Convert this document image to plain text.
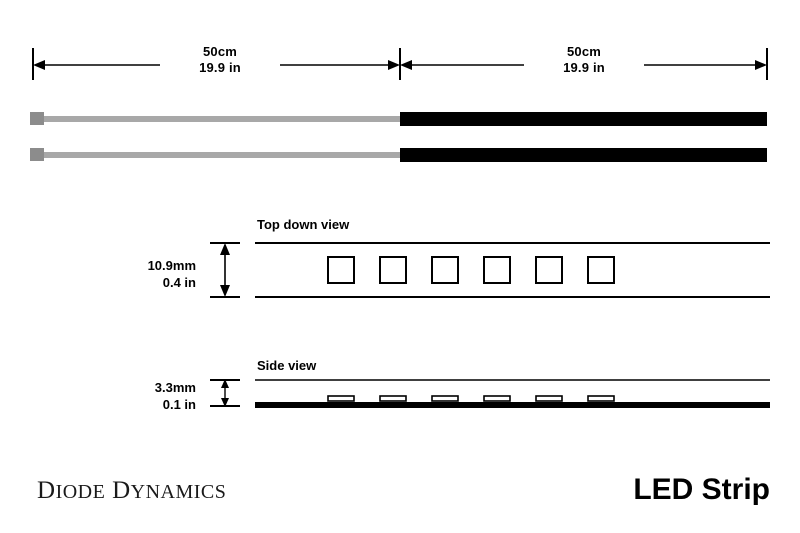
50cm
19.9 in
50cm
19.9 in
Top down view
10.9mm
0.4 in
Side view
3.3mm
0.1 in
DIODE DYNAMICS	LED Strip
